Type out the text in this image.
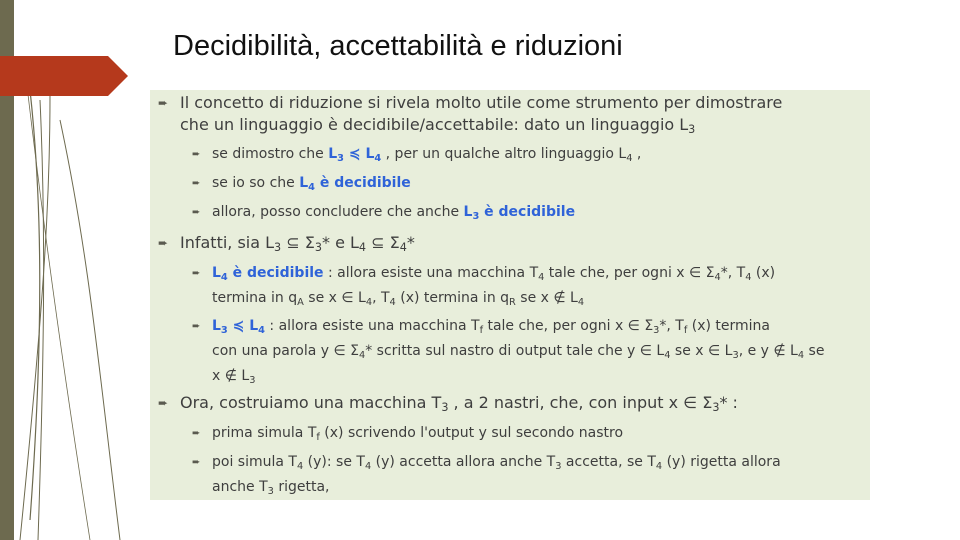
Decidibilità, accettabilità e riduzioni
➨ Il concetto di riduzione si rivela molto utile come strumento per dimostrare
che un linguaggio è decidibile/accettabile: dato un linguaggio $L_3$
➨ se dimostro che $L_3$ ≼ $L_4$ , per un qualche altro linguaggio $L_4$ ,
➨ se io so che $L_4$ è decidibile
➨ allora, posso concludere che anche $L_3$ è decidibile
➨ Infatti, sia $L_3$ ⊆ $\Sigma_3*$ e $L_4$ ⊆ $\Sigma_4*$
➨ $L_4$ è decidibile : allora esiste una macchina $T_4$ tale che, per ogni x ∈ $\Sigma_4*$, $T_4$ (x)
termina in $q_A$ se x ∈ $L_4$, $T_4$ (x) termina in $q_R$ se x ∉ $L_4$
➨ $L_3$ ≼ $L_4$ : allora esiste una macchina $T_f$ tale che, per ogni x ∈ $\Sigma_3*$, $T_f$ (x) termina
con una parola y ∈ $\Sigma_4*$ scritta sul nastro di output tale che y ∈ $L_4$ se x ∈ $L_3$, e y ∉ $L_4$ se
x ∉ $L_3$
➨ Ora, costruiamo una macchina $T_3$ , a 2 nastri, che, con input x ∈ $\Sigma_3*$ :
➨ prima simula $T_f$ (x) scrivendo l'output y sul secondo nastro
➨ poi simula $T_4$ (y): se $T_4$ (y) accetta allora anche $T_3$ accetta, se $T_4$ (y) rigetta allora
anche $T_3$ rigetta,
